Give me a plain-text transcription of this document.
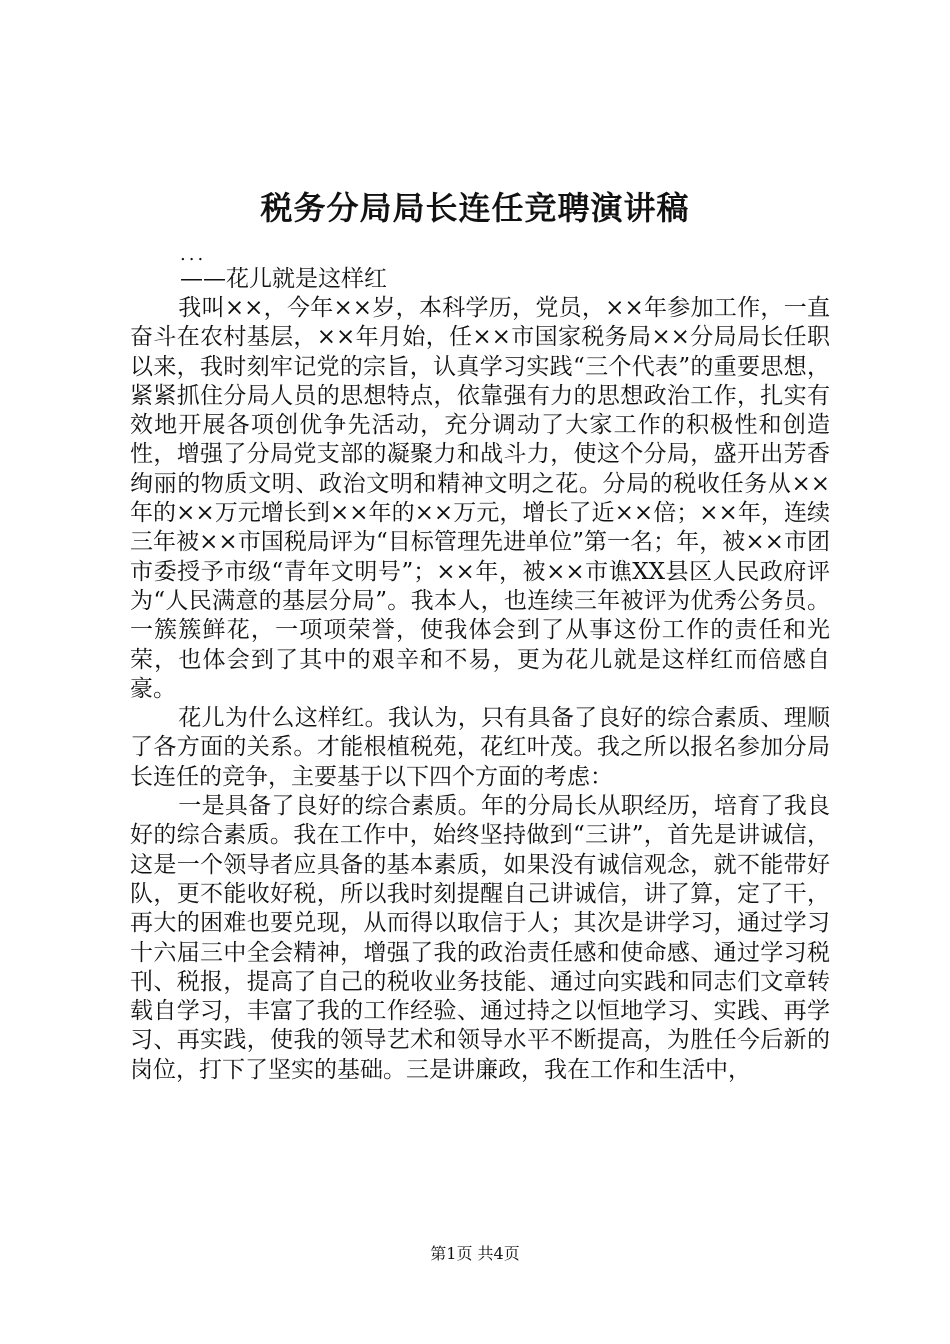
税务分局局长连任竞聘演讲稿
...
——花儿就是这样红

我叫××，今年××岁，本科学历，党员，××年参加工作，一直奋斗在农村基层，××年月始，任××市国家税务局××分局局长任职以来，我时刻牢记党的宗旨，认真学习实践“三个代表”的重要思想，紧紧抓住分局人员的思想特点，依靠强有力的思想政治工作，扎实有效地开展各项创优争先活动，充分调动了大家工作的积极性和创造性，增强了分局党支部的凝聚力和战斗力，使这个分局，盛开出芳香绚丽的物质文明、政治文明和精神文明之花。分局的税收任务从××年的××万元增长到××年的××万元，增长了近××倍；××年，连续三年被××市国税局评为“目标管理先进单位”第一名；年，被××市团市委授予市级“青年文明号”；××年，被××市谯XX县区人民政府评为“人民满意的基层分局”。我本人，也连续三年被评为优秀公务员。一簇簇鲜花，一项项荣誉，使我体会到了从事这份工作的责任和光荣，也体会到了其中的艰辛和不易，更为花儿就是这样红而倍感自豪。

花儿为什么这样红。我认为，只有具备了良好的综合素质、理顺了各方面的关系。才能根植税苑，花红叶茂。我之所以报名参加分局长连任的竞争，主要基于以下四个方面的考虑：

一是具备了良好的综合素质。年的分局长从职经历，培育了我良好的综合素质。我在工作中，始终坚持做到“三讲”，首先是讲诚信，这是一个领导者应具备的基本素质，如果没有诚信观念，就不能带好队，更不能收好税，所以我时刻提醒自己讲诚信，讲了算，定了干，再大的困难也要兑现，从而得以取信于人；其次是讲学习，通过学习十六届三中全会精神，增强了我的政治责任感和使命感、通过学习税刊、税报，提高了自己的税收业务技能、通过向实践和同志们文章转载自学习，丰富了我的工作经验、通过持之以恒地学习、实践、再学习、再实践，使我的领导艺术和领导水平不断提高，为胜任今后新的岗位，打下了坚实的基础。三是讲廉政，我在工作和生活中，

第1页 共4页
